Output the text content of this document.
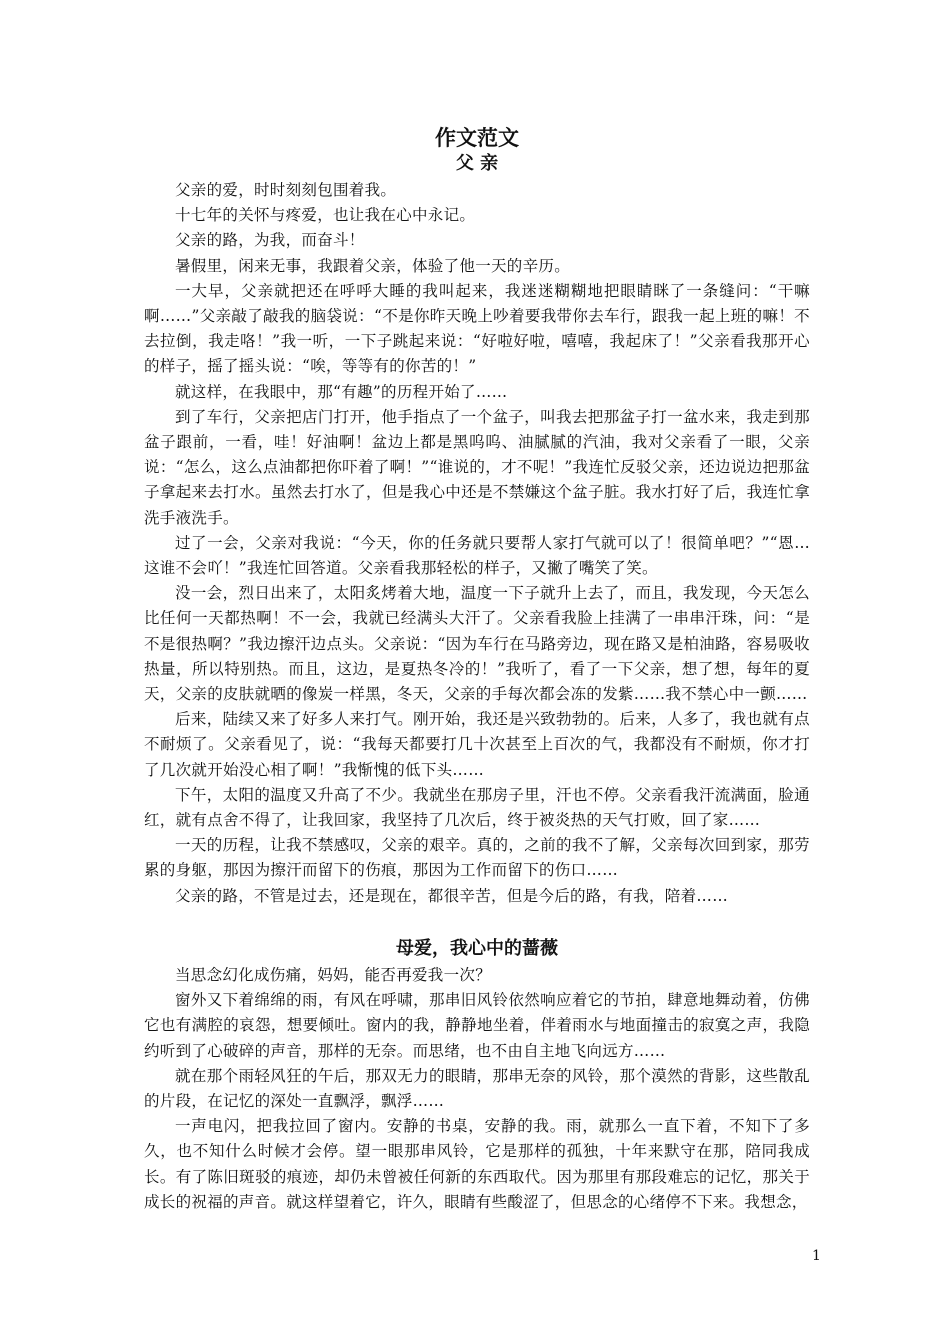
作文范文
父 亲

父亲的爱，时时刻刻包围着我。

十七年的关怀与疼爱，也让我在心中永记。

父亲的路，为我，而奋斗！

暑假里，闲来无事，我跟着父亲，体验了他一天的辛历。

一大早，父亲就把还在呼呼大睡的我叫起来，我迷迷糊糊地把眼睛眯了一条缝问：“干嘛啊……”父亲敲了敲我的脑袋说：“不是你昨天晚上吵着要我带你去车行，跟我一起上班的嘛！不去拉倒，我走咯！”我一听，一下子跳起来说：“好啦好啦，嘻嘻，我起床了！”父亲看我那开心的样子，摇了摇头说：“唉，等等有的你苦的！”

就这样，在我眼中，那“有趣”的历程开始了……

到了车行，父亲把店门打开，他手指点了一个盆子，叫我去把那盆子打一盆水来，我走到那盆子跟前，一看，哇！好油啊！盆边上都是黑呜呜、油腻腻的汽油，我对父亲看了一眼，父亲说：“怎么，这么点油都把你吓着了啊！”“谁说的，才不呢！”我连忙反驳父亲，还边说边把那盆子拿起来去打水。虽然去打水了，但是我心中还是不禁嫌这个盆子脏。我水打好了后，我连忙拿洗手液洗手。

过了一会，父亲对我说：“今天，你的任务就只要帮人家打气就可以了！很简单吧？”“恩…这谁不会吖！”我连忙回答道。父亲看我那轻松的样子，又撇了嘴笑了笑。

没一会，烈日出来了，太阳炙烤着大地，温度一下子就升上去了，而且，我发现，今天怎么比任何一天都热啊！不一会，我就已经满头大汗了。父亲看我脸上挂满了一串串汗珠，问：“是不是很热啊？”我边擦汗边点头。父亲说：“因为车行在马路旁边，现在路又是柏油路，容易吸收热量，所以特别热。而且，这边，是夏热冬冷的！”我听了，看了一下父亲，想了想，每年的夏天，父亲的皮肤就晒的像炭一样黑，冬天，父亲的手每次都会冻的发紫……我不禁心中一颤……

后来，陆续又来了好多人来打气。刚开始，我还是兴致勃勃的。后来，人多了，我也就有点不耐烦了。父亲看见了，说：“我每天都要打几十次甚至上百次的气，我都没有不耐烦，你才打了几次就开始没心相了啊！”我惭愧的低下头……

下午，太阳的温度又升高了不少。我就坐在那房子里，汗也不停。父亲看我汗流满面，脸通红，就有点舍不得了，让我回家，我坚持了几次后，终于被炎热的天气打败，回了家……

一天的历程，让我不禁感叹，父亲的艰辛。真的，之前的我不了解，父亲每次回到家，那劳累的身躯，那因为擦汗而留下的伤痕，那因为工作而留下的伤口……

父亲的路，不管是过去，还是现在，都很辛苦，但是今后的路，有我，陪着……

母爱，我心中的蔷薇

当思念幻化成伤痛，妈妈，能否再爱我一次？

窗外又下着绵绵的雨，有风在呼啸，那串旧风铃依然响应着它的节拍，肆意地舞动着，仿佛它也有满腔的哀怨，想要倾吐。窗内的我，静静地坐着，伴着雨水与地面撞击的寂寞之声，我隐约听到了心破碎的声音，那样的无奈。而思绪，也不由自主地飞向远方……

就在那个雨轻风狂的午后，那双无力的眼睛，那串无奈的风铃，那个漠然的背影，这些散乱的片段，在记忆的深处一直飘浮，飘浮……

一声电闪，把我拉回了窗内。安静的书桌，安静的我。雨，就那么一直下着，不知下了多久，也不知什么时候才会停。望一眼那串风铃，它是那样的孤独，十年来默守在那，陪同我成长。有了陈旧斑驳的痕迹，却仍未曾被任何新的东西取代。因为那里有那段难忘的记忆，那关于成长的祝福的声音。就这样望着它，许久，眼睛有些酸涩了，但思念的心绪停不下来。我想念，

1
